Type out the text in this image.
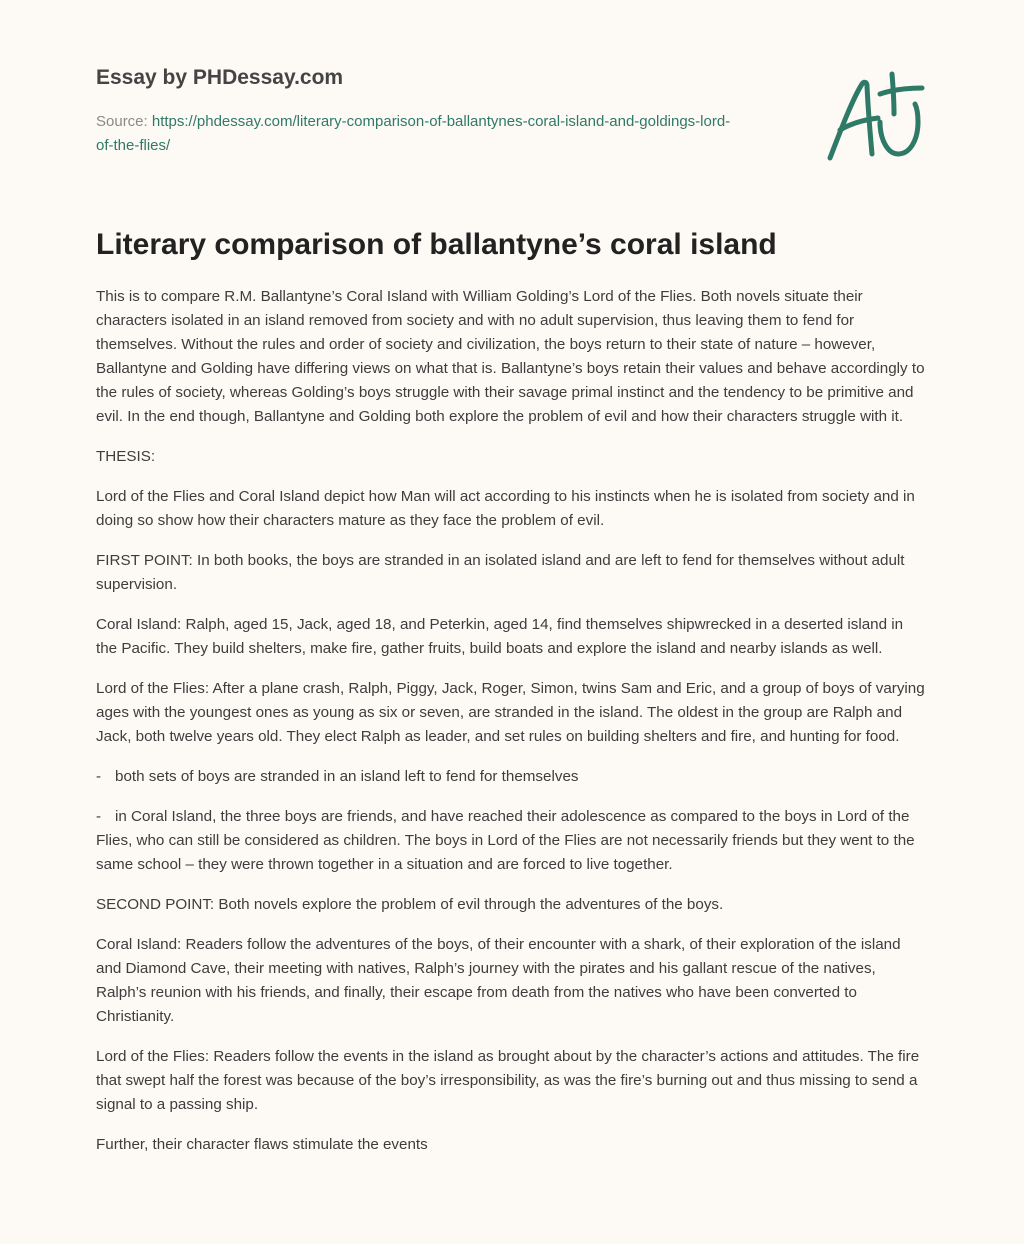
Essay by PHDessay.com
Source: https://phdessay.com/literary-comparison-of-ballantynes-coral-island-and-goldings-lord-of-the-flies/
Literary comparison of ballantyne’s coral island

This is to compare R.M. Ballantyne’s Coral Island with William Golding’s Lord of the Flies. Both novels situate their characters isolated in an island removed from society and with no adult supervision, thus leaving them to fend for themselves. Without the rules and order of society and civilization, the boys return to their state of nature – however, Ballantyne and Golding have differing views on what that is. Ballantyne’s boys retain their values and behave accordingly to the rules of society, whereas Golding’s boys struggle with their savage primal instinct and the tendency to be primitive and evil. In the end though, Ballantyne and Golding both explore the problem of evil and how their characters struggle with it.

THESIS:

Lord of the Flies and Coral Island depict how Man will act according to his instincts when he is isolated from society and in doing so show how their characters mature as they face the problem of evil.

FIRST POINT: In both books, the boys are stranded in an isolated island and are left to fend for themselves without adult supervision.

Coral Island: Ralph, aged 15, Jack, aged 18, and Peterkin, aged 14, find themselves shipwrecked in a deserted island in the Pacific. They build shelters, make fire, gather fruits, build boats and explore the island and nearby islands as well.

Lord of the Flies: After a plane crash, Ralph, Piggy, Jack, Roger, Simon, twins Sam and Eric, and a group of boys of varying ages with the youngest ones as young as six or seven, are stranded in the island. The oldest in the group are Ralph and Jack, both twelve years old. They elect Ralph as leader, and set rules on building shelters and fire, and hunting for food.

- both sets of boys are stranded in an island left to fend for themselves

- in Coral Island, the three boys are friends, and have reached their adolescence as compared to the boys in Lord of the Flies, who can still be considered as children. The boys in Lord of the Flies are not necessarily friends but they went to the same school – they were thrown together in a situation and are forced to live together.

SECOND POINT: Both novels explore the problem of evil through the adventures of the boys.

Coral Island: Readers follow the adventures of the boys, of their encounter with a shark, of their exploration of the island and Diamond Cave, their meeting with natives, Ralph’s journey with the pirates and his gallant rescue of the natives, Ralph’s reunion with his friends, and finally, their escape from death from the natives who have been converted to Christianity.

Lord of the Flies: Readers follow the events in the island as brought about by the character’s actions and attitudes. The fire that swept half the forest was because of the boy’s irresponsibility, as was the fire’s burning out and thus missing to send a signal to a passing ship.

Further, their character flaws stimulate the events
